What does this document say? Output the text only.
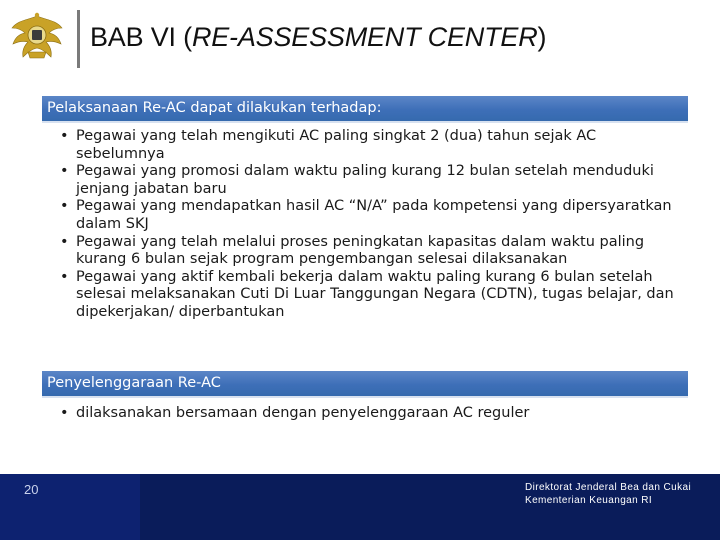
BAB VI (RE-ASSESSMENT CENTER)
Pelaksanaan Re-AC dapat dilakukan terhadap:
• Pegawai yang telah mengikuti AC paling singkat 2 (dua) tahun sejak AC sebelumnya
• Pegawai yang promosi dalam waktu paling kurang 12 bulan setelah menduduki jenjang jabatan baru
• Pegawai yang mendapatkan hasil AC “N/A” pada kompetensi yang dipersyaratkan dalam SKJ
• Pegawai yang telah melalui proses peningkatan kapasitas dalam waktu paling kurang 6 bulan sejak program pengembangan selesai dilaksanakan
• Pegawai yang aktif kembali bekerja dalam waktu paling kurang 6 bulan setelah selesai melaksanakan Cuti Di Luar Tanggungan Negara (CDTN), tugas belajar, dan dipekerjakan/ diperbantukan
Penyelenggaraan Re-AC
• dilaksanakan bersamaan dengan penyelenggaraan AC reguler
20	Direktorat Jenderal Bea dan Cukai
Kementerian Keuangan RI
